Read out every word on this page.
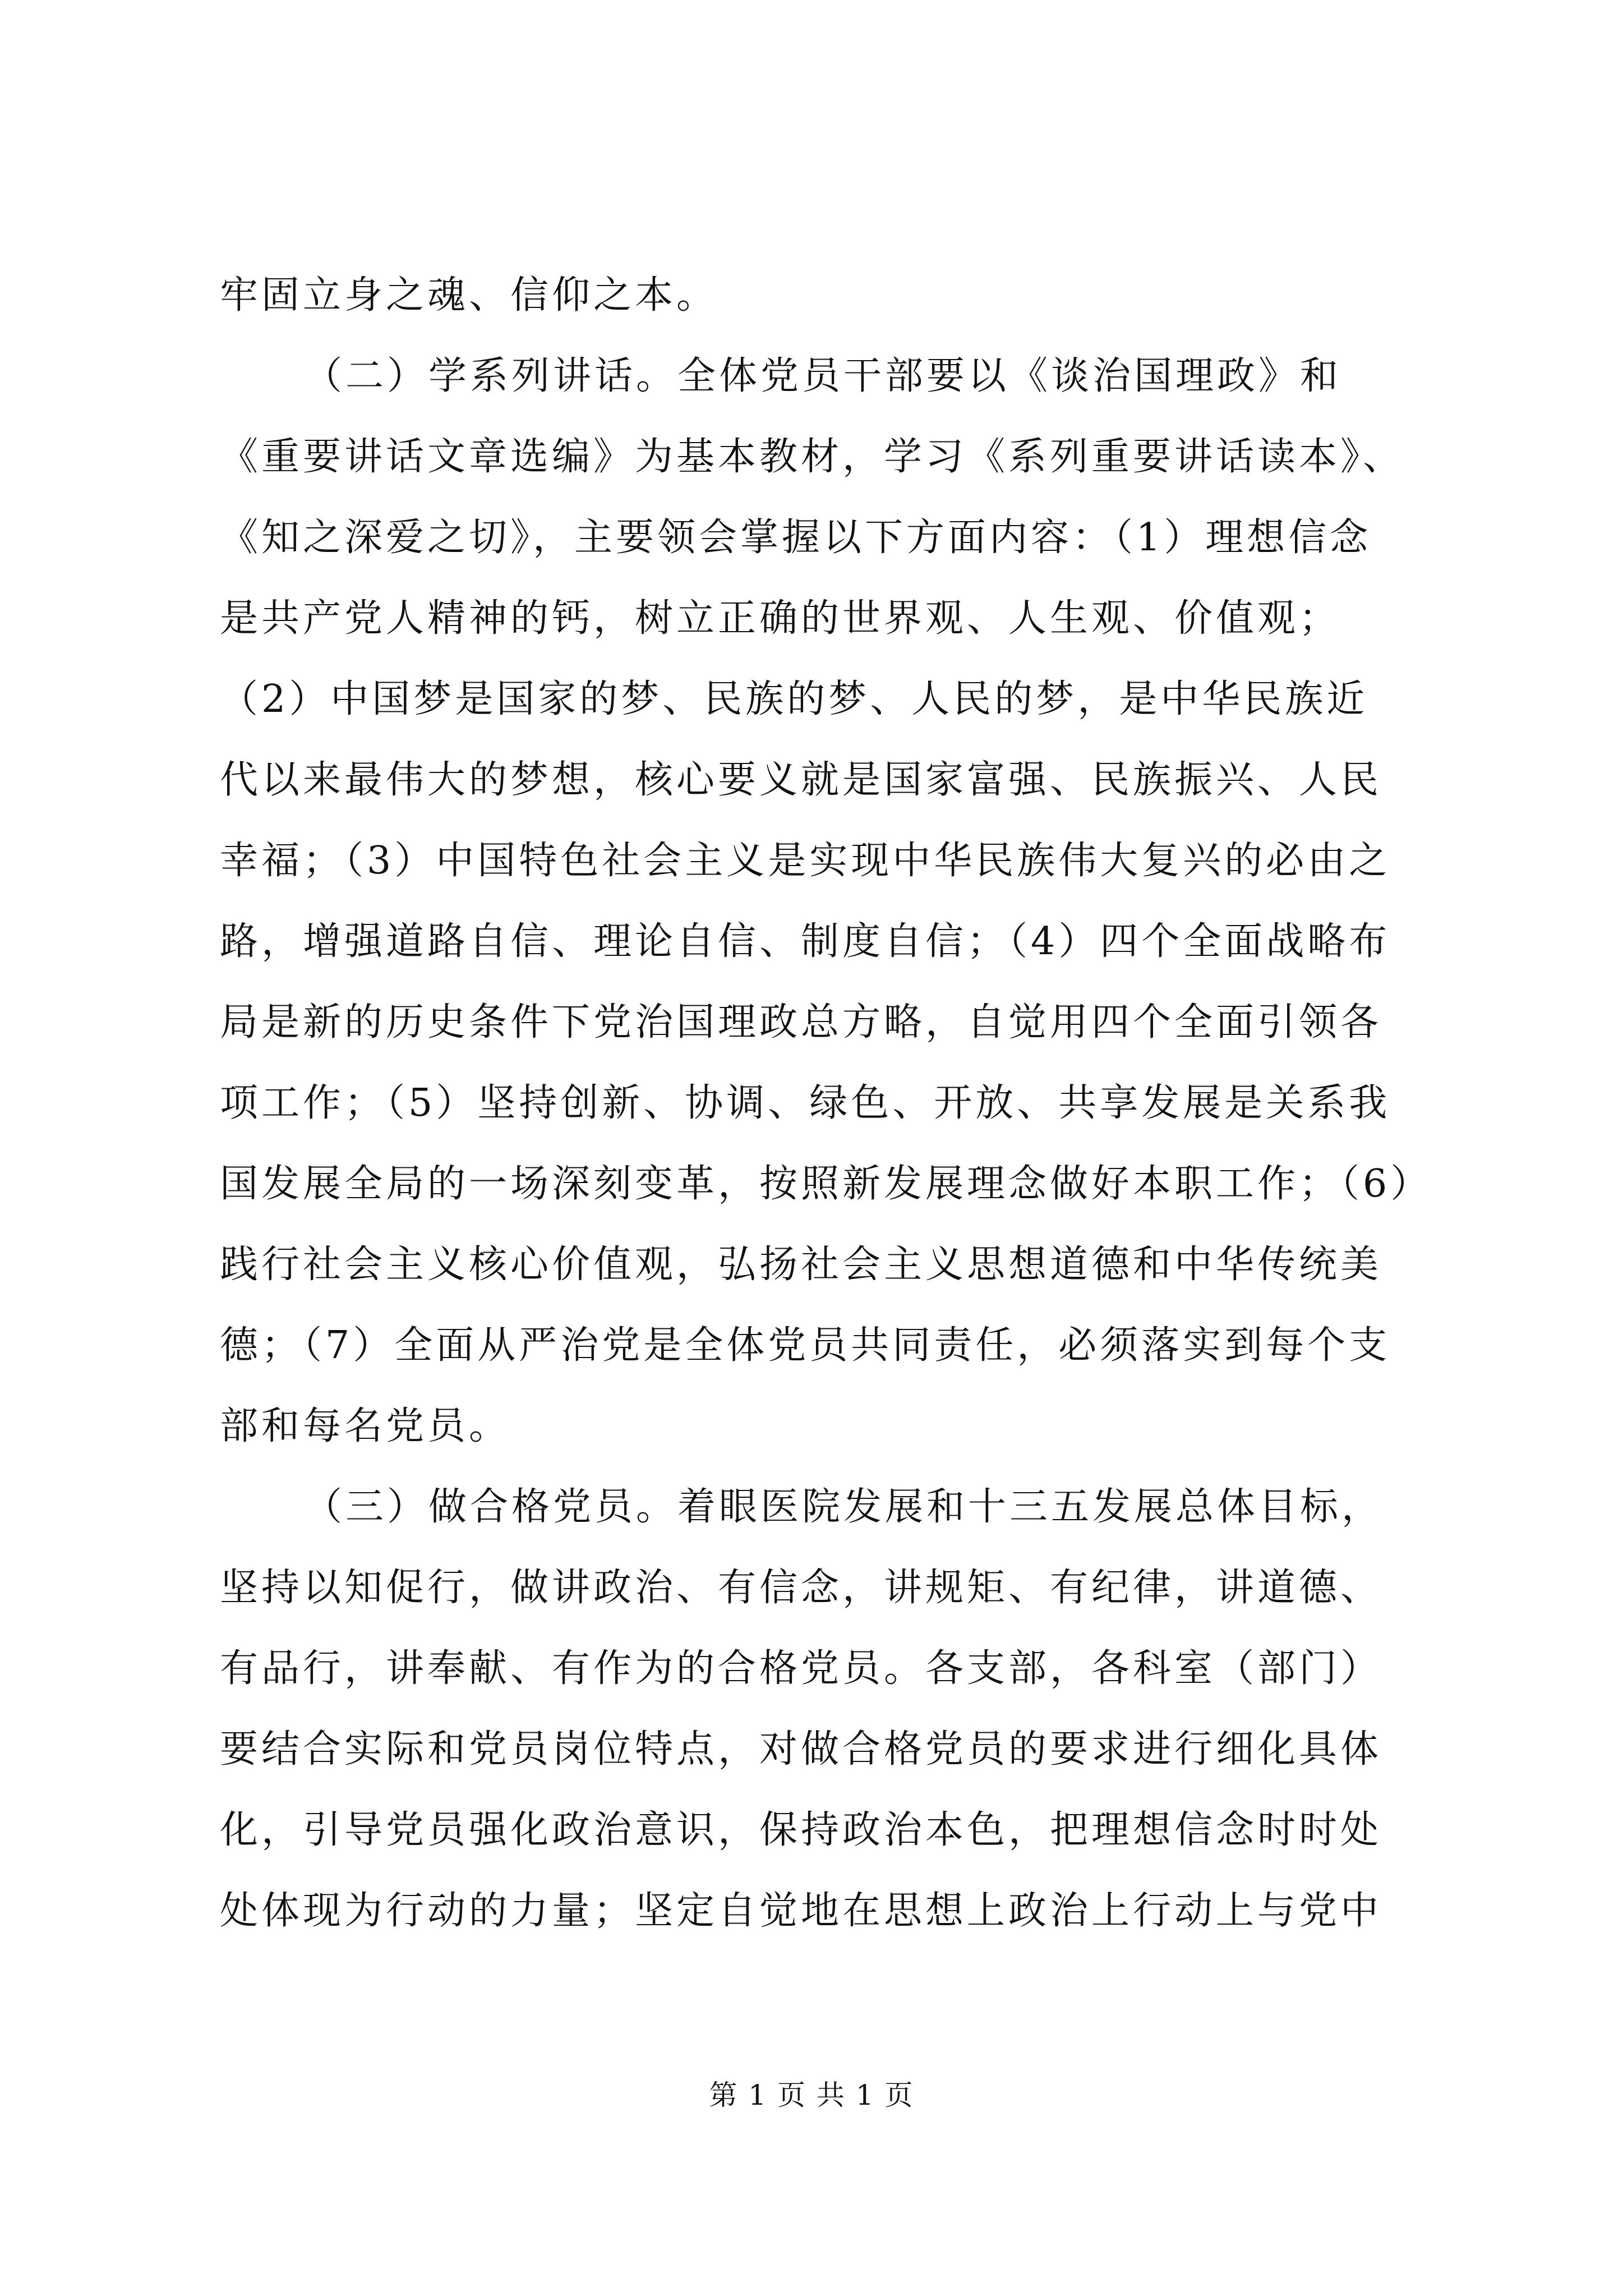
牢固立身之魂、信仰之本。
（二）学系列讲话。全体党员干部要以《谈治国理政》和
《重要讲话文章选编》为基本教材，学习《系列重要讲话读本》、
《知之深爱之切》，主要领会掌握以下方面内容：（1）理想信念
是共产党人精神的钙，树立正确的世界观、人生观、价值观；
（2）中国梦是国家的梦、民族的梦、人民的梦，是中华民族近
代以来最伟大的梦想，核心要义就是国家富强、民族振兴、人民
幸福；（3）中国特色社会主义是实现中华民族伟大复兴的必由之
路，增强道路自信、理论自信、制度自信；（4）四个全面战略布
局是新的历史条件下党治国理政总方略，自觉用四个全面引领各
项工作；（5）坚持创新、协调、绿色、开放、共享发展是关系我
国发展全局的一场深刻变革，按照新发展理念做好本职工作；（6）
践行社会主义核心价值观，弘扬社会主义思想道德和中华传统美
德；（7）全面从严治党是全体党员共同责任，必须落实到每个支
部和每名党员。
（三）做合格党员。着眼医院发展和十三五发展总体目标，
坚持以知促行，做讲政治、有信念，讲规矩、有纪律，讲道德、
有品行，讲奉献、有作为的合格党员。各支部，各科室（部门）
要结合实际和党员岗位特点，对做合格党员的要求进行细化具体
化，引导党员强化政治意识，保持政治本色，把理想信念时时处
处体现为行动的力量；坚定自觉地在思想上政治上行动上与党中
第 1 页 共 1 页
